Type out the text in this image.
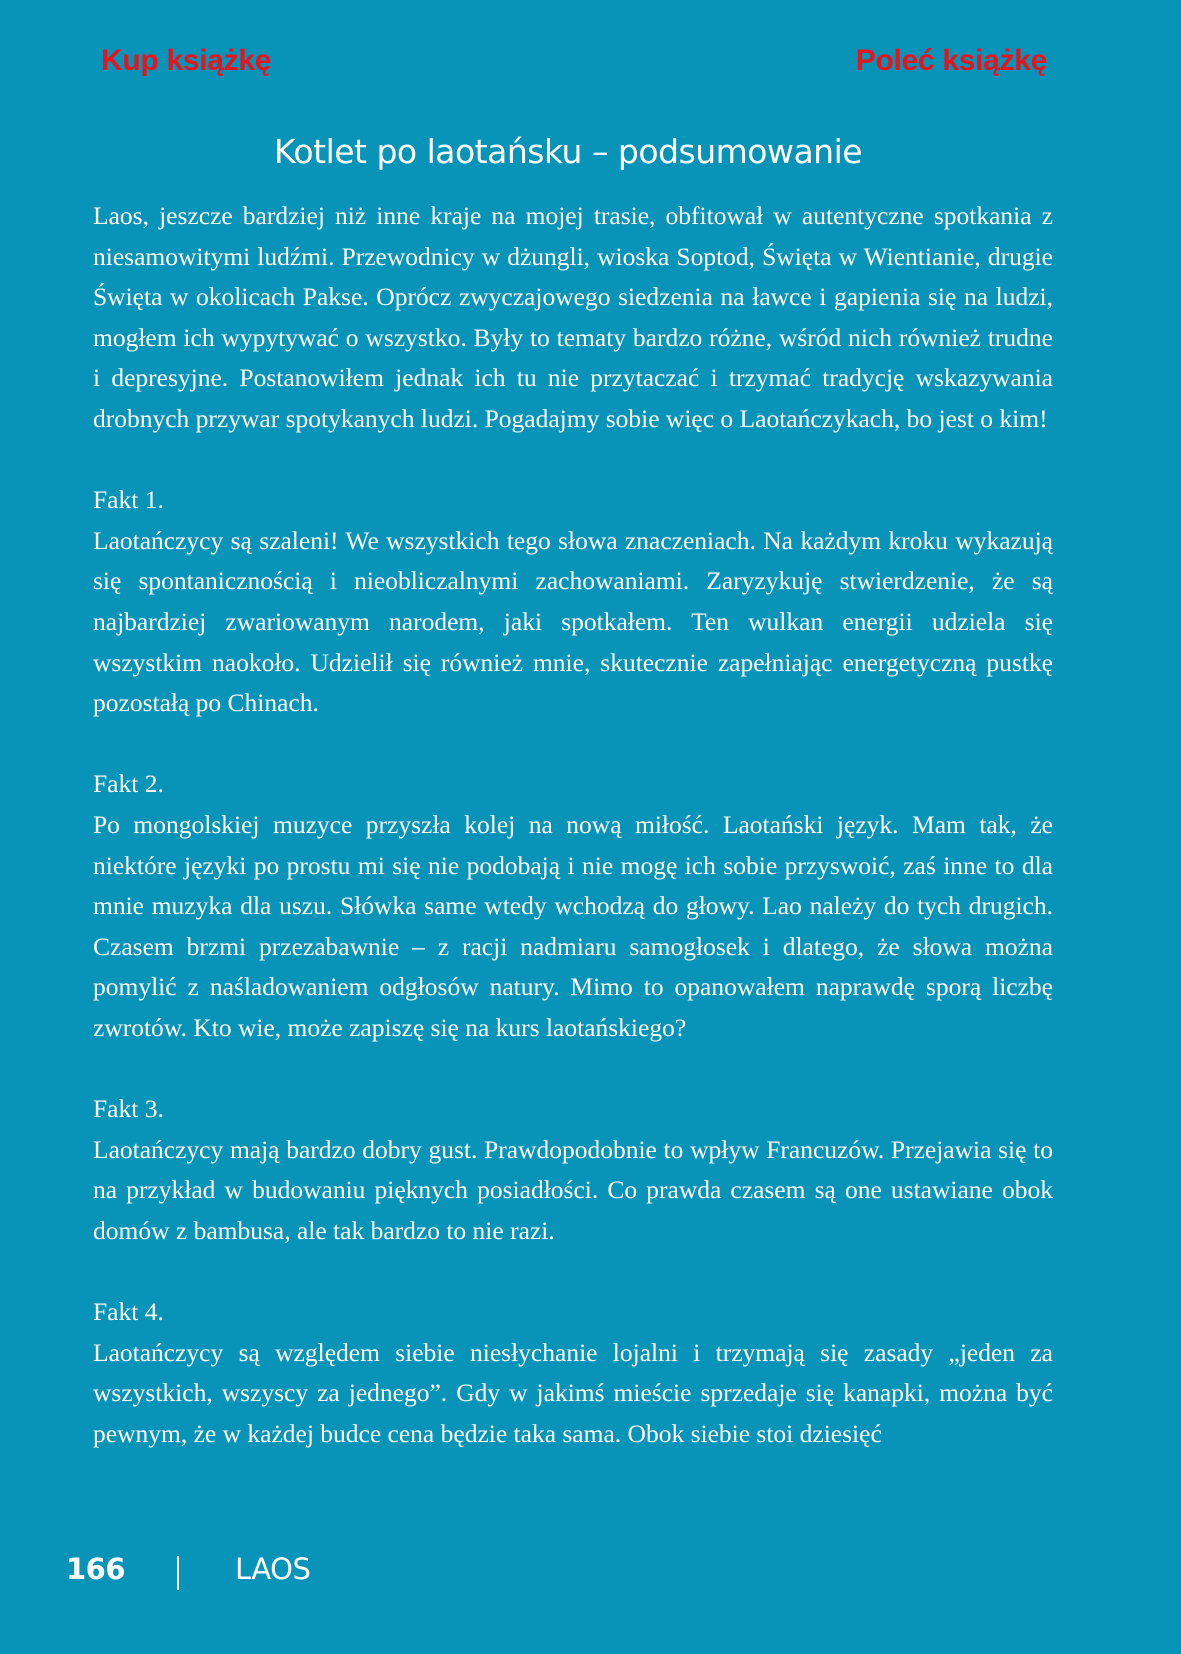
Kup książkę	Poleć książkę
Kotlet po laotańsku – podsumowanie

Laos, jeszcze bardziej niż inne kraje na mojej trasie, obfitował w autentyczne spotkania z niesamowitymi ludźmi. Przewodnicy w dżungli, wioska Soptod, Święta w Wientianie, drugie Święta w okolicach Pakse. Oprócz zwyczajowego siedzenia na ławce i gapienia się na ludzi, mogłem ich wypytywać o wszystko. Były to tematy bardzo różne, wśród nich również trudne i depresyjne. Postanowiłem jednak ich tu nie przytaczać i trzymać tradycję wskazywania drobnych przywar spotykanych ludzi. Pogadajmy sobie więc o Laotańczykach, bo jest o kim!

Fakt 1.

Laotańczycy są szaleni! We wszystkich tego słowa znaczeniach. Na każdym kroku wykazują się spontanicznością i nieobliczalnymi zachowaniami. Zaryzykuję stwierdzenie, że są najbardziej zwariowanym narodem, jaki spotkałem. Ten wulkan energii udziela się wszystkim naokoło. Udzielił się również mnie, skutecznie zapełniając energetyczną pustkę pozostałą po Chinach.

Fakt 2.

Po mongolskiej muzyce przyszła kolej na nową miłość. Laotański język. Mam tak, że niektóre języki po prostu mi się nie podobają i nie mogę ich sobie przyswoić, zaś inne to dla mnie muzyka dla uszu. Słówka same wtedy wchodzą do głowy. Lao należy do tych drugich. Czasem brzmi przezabawnie – z racji nadmiaru samogłosek i dlatego, że słowa można pomylić z naśladowaniem odgłosów natury. Mimo to opanowałem naprawdę sporą liczbę zwrotów. Kto wie, może zapiszę się na kurs laotańskiego?

Fakt 3.

Laotańczycy mają bardzo dobry gust. Prawdopodobnie to wpływ Francuzów. Przejawia się to na przykład w budowaniu pięknych posiadłości. Co prawda czasem są one ustawiane obok domów z bambusa, ale tak bardzo to nie razi.

Fakt 4.

Laotańczycy są względem siebie niesłychanie lojalni i trzymają się zasady „jeden za wszystkich, wszyscy za jednego”. Gdy w jakimś mieście sprzedaje się kanapki, można być pewnym, że w każdej budce cena będzie taka sama. Obok siebie stoi dziesięć

166	LAOS
